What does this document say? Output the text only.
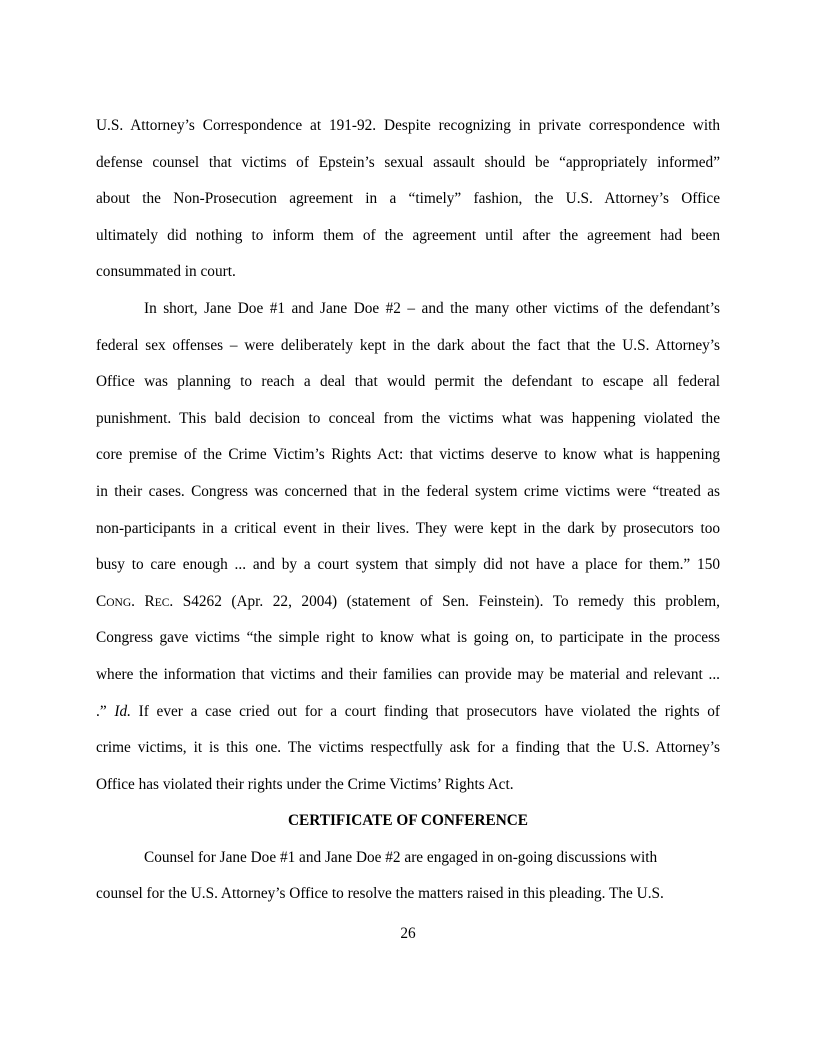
U.S. Attorney’s Correspondence at 191-92. Despite recognizing in private correspondence with
defense counsel that victims of Epstein’s sexual assault should be “appropriately informed”
about the Non-Prosecution agreement in a “timely” fashion, the U.S. Attorney’s Office
ultimately did nothing to inform them of the agreement until after the agreement had been
consummated in court.
In short, Jane Doe #1 and Jane Doe #2 – and the many other victims of the defendant’s
federal sex offenses – were deliberately kept in the dark about the fact that the U.S. Attorney’s
Office was planning to reach a deal that would permit the defendant to escape all federal
punishment. This bald decision to conceal from the victims what was happening violated the
core premise of the Crime Victim’s Rights Act: that victims deserve to know what is happening
in their cases. Congress was concerned that in the federal system crime victims were “treated as
non-participants in a critical event in their lives. They were kept in the dark by prosecutors too
busy to care enough ... and by a court system that simply did not have a place for them.” 150
CONG. REC. S4262 (Apr. 22, 2004) (statement of Sen. Feinstein). To remedy this problem,
Congress gave victims “the simple right to know what is going on, to participate in the process
where the information that victims and their families can provide may be material and relevant ...
.” Id. If ever a case cried out for a court finding that prosecutors have violated the rights of
crime victims, it is this one. The victims respectfully ask for a finding that the U.S. Attorney’s
Office has violated their rights under the Crime Victims’ Rights Act.
CERTIFICATE OF CONFERENCE
Counsel for Jane Doe #1 and Jane Doe #2 are engaged in on-going discussions with
counsel for the U.S. Attorney’s Office to resolve the matters raised in this pleading. The U.S.
26
